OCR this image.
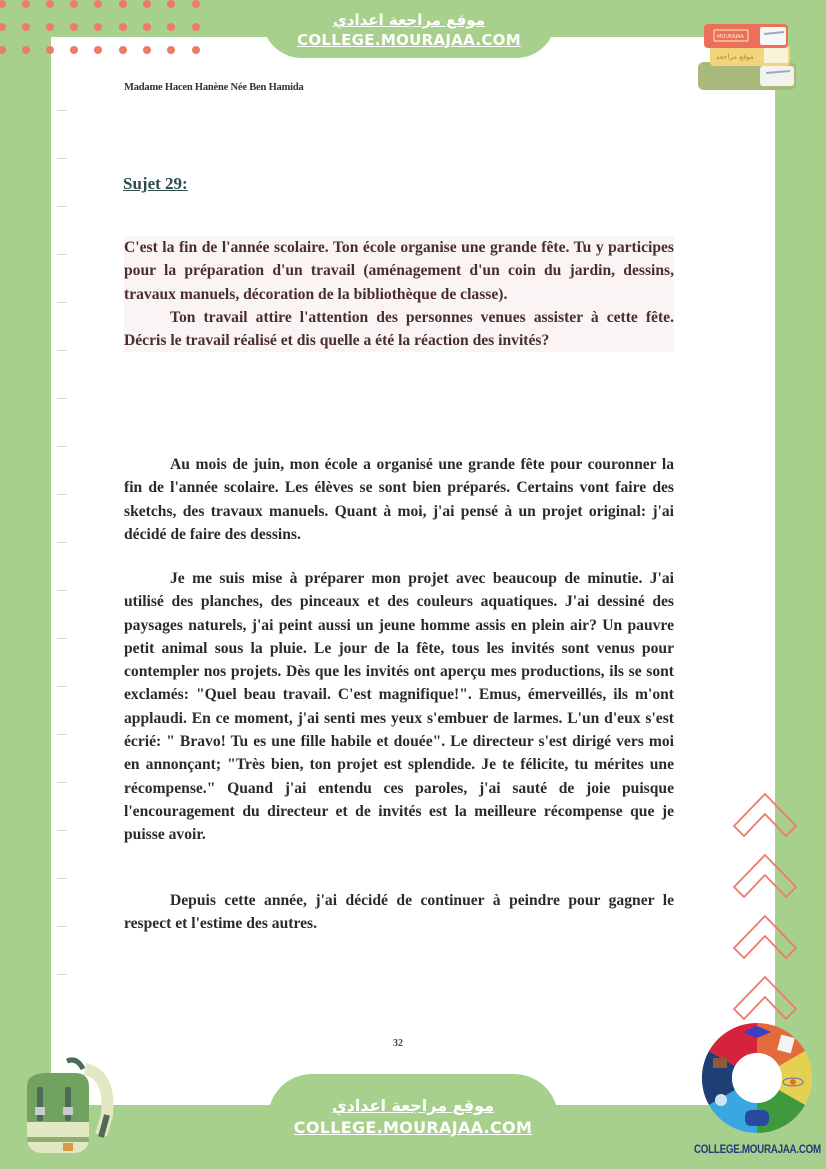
موقع مراجعة اعدادي
COLLEGE.MOURAJAA.COM
موقع مراجعة
MOURAJAA
Madame Hacen Hanène Née Ben Hamida
Sujet 29:
C'est la fin de l'année scolaire. Ton école organise une grande fête. Tu y participes pour la préparation d'un travail (aménagement d'un coin du jardin, dessins, travaux manuels, décoration de la bibliothèque de classe).
Ton travail attire l'attention des personnes venues assister à cette fête. Décris le travail réalisé et dis quelle a été la réaction des invités?
Au mois de juin, mon école a organisé une grande fête pour couronner la fin de l'année scolaire. Les élèves se sont bien préparés. Certains vont faire des sketchs, des travaux manuels. Quant à moi, j'ai pensé à un projet original: j'ai décidé de faire des dessins.
Je me suis mise à préparer mon projet avec beaucoup de minutie. J'ai utilisé des planches, des pinceaux et des couleurs aquatiques. J'ai dessiné des paysages naturels, j'ai peint aussi un jeune homme assis en plein air? Un pauvre petit animal sous la pluie. Le jour de la fête, tous les invités sont venus pour contempler nos projets. Dès que les invités ont aperçu mes productions, ils se sont exclamés: "Quel beau travail. C'est magnifique!". Emus, émerveillés, ils m'ont applaudi. En ce moment, j'ai senti mes yeux s'embuer de larmes. L'un d'eux s'est écrié: " Bravo! Tu es une fille habile et douée". Le directeur s'est dirigé vers moi en annonçant; "Très bien, ton projet est splendide. Je te félicite, tu mérites une récompense." Quand j'ai entendu ces paroles, j'ai sauté de joie puisque l'encouragement du directeur et de invités est la meilleure récompense que je puisse avoir.
Depuis cette année, j'ai décidé de continuer à peindre pour gagner le respect et l'estime des autres.
32
موقع مراجعة اعدادي
COLLEGE.MOURAJAA.COM
COLLEGE.MOURAJAA.COM
